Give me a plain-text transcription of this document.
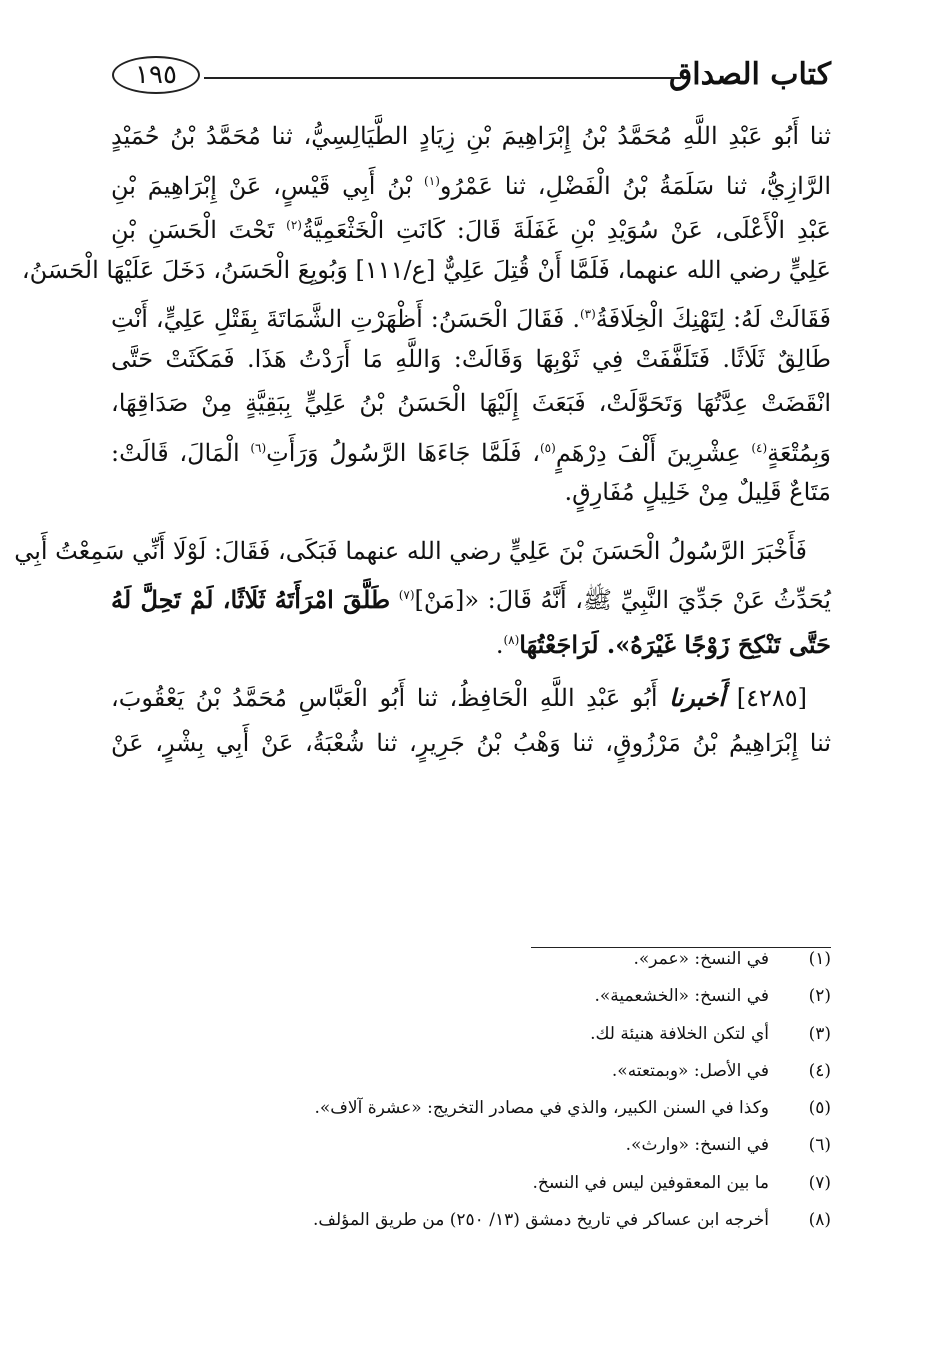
كتاب الصداق
١٩٥
ثنا أَبُو عَبْدِ اللَّهِ مُحَمَّدُ بْنُ إِبْرَاهِيمَ بْنِ زِيَادٍ الطَّيَالِسِيُّ، ثنا مُحَمَّدُ بْنُ حُمَيْدٍ
الرَّازِيُّ، ثنا سَلَمَةُ بْنُ الْفَضْلِ، ثنا عَمْرُو$^{(١)}$ بْنُ أَبِي قَيْسٍ، عَنْ إِبْرَاهِيمَ بْنِ
عَبْدِ الْأَعْلَى، عَنْ سُوَيْدِ بْنِ غَفَلَةَ قَالَ: كَانَتِ الْخَثْعَمِيَّةُ$^{(٢)}$ تَحْتَ الْحَسَنِ بْنِ
عَلِيٍّ رضي الله عنهما، فَلَمَّا أَنْ قُتِلَ عَلِيٌّ [ع/١١١] وَبُويِعَ الْحَسَنُ، دَخَلَ عَلَيْهَا الْحَسَنُ،
فَقَالَتْ لَهُ: لِتَهْنِكَ الْخِلَافَةُ$^{(٣)}$. فَقَالَ الْحَسَنُ: أَظْهَرْتِ الشَّمَاتَةَ بِقَتْلِ عَلِيٍّ، أَنْتِ
طَالِقٌ ثَلَاثًا. فَتَلَفَّفَتْ فِي ثَوْبِهَا وَقَالَتْ: وَاللَّهِ مَا أَرَدْتُ هَذَا. فَمَكَثَتْ حَتَّى
انْقَضَتْ عِدَّتُهَا وَتَحَوَّلَتْ، فَبَعَثَ إِلَيْهَا الْحَسَنُ بْنُ عَلِيٍّ بِبَقِيَّةٍ مِنْ صَدَاقِهَا،
وَبِمُتْعَةٍ$^{(٤)}$ عِشْرِينَ أَلْفَ دِرْهَمٍ$^{(٥)}$، فَلَمَّا جَاءَهَا الرَّسُولُ وَرَأَتِ$^{(٦)}$ الْمَالَ، قَالَتْ:
مَتَاعٌ قَلِيلٌ مِنْ خَلِيلٍ مُفَارِقٍ.
 فَأَخْبَرَ الرَّسُولُ الْحَسَنَ بْنَ عَلِيٍّ رضي الله عنهما فَبَكَى، فَقَالَ: لَوْلَا أَنِّي سَمِعْتُ أَبِي
يُحَدِّثُ عَنْ جَدِّيَ النَّبِيِّ ﷺ، أَنَّهُ قَالَ: «[مَنْ]$^{(٧)}$ طَلَّقَ امْرَأَتَهُ ثَلَاثًا، لَمْ تَحِلَّ لَهُ
حَتَّى تَنْكِحَ زَوْجًا غَيْرَهُ». لَرَاجَعْتُهَا$^{(٨)}$.
 [٤٢٨٥] أَخبرنا أَبُو عَبْدِ اللَّهِ الْحَافِظُ، ثنا أَبُو الْعَبَّاسِ مُحَمَّدُ بْنُ يَعْقُوبَ،
ثنا إِبْرَاهِيمُ بْنُ مَرْزُوقٍ، ثنا وَهْبُ بْنُ جَرِيرٍ، ثنا شُعْبَةُ، عَنْ أَبِي بِشْرٍ، عَنْ
(١)
في النسخ: «عمر».
(٢)
في النسخ: «الخشعمية».
(٣)
أي لتكن الخلافة هنيئة لك.
(٤)
في الأصل: «وبمتعته».
(٥)
وكذا في السنن الكبير، والذي في مصادر التخريج: «عشرة آلاف».
(٦)
في النسخ: «وارث».
(٧)
ما بين المعقوفين ليس في النسخ.
(٨)
أخرجه ابن عساكر في تاريخ دمشق (١٣/ ٢٥٠) من طريق المؤلف.
